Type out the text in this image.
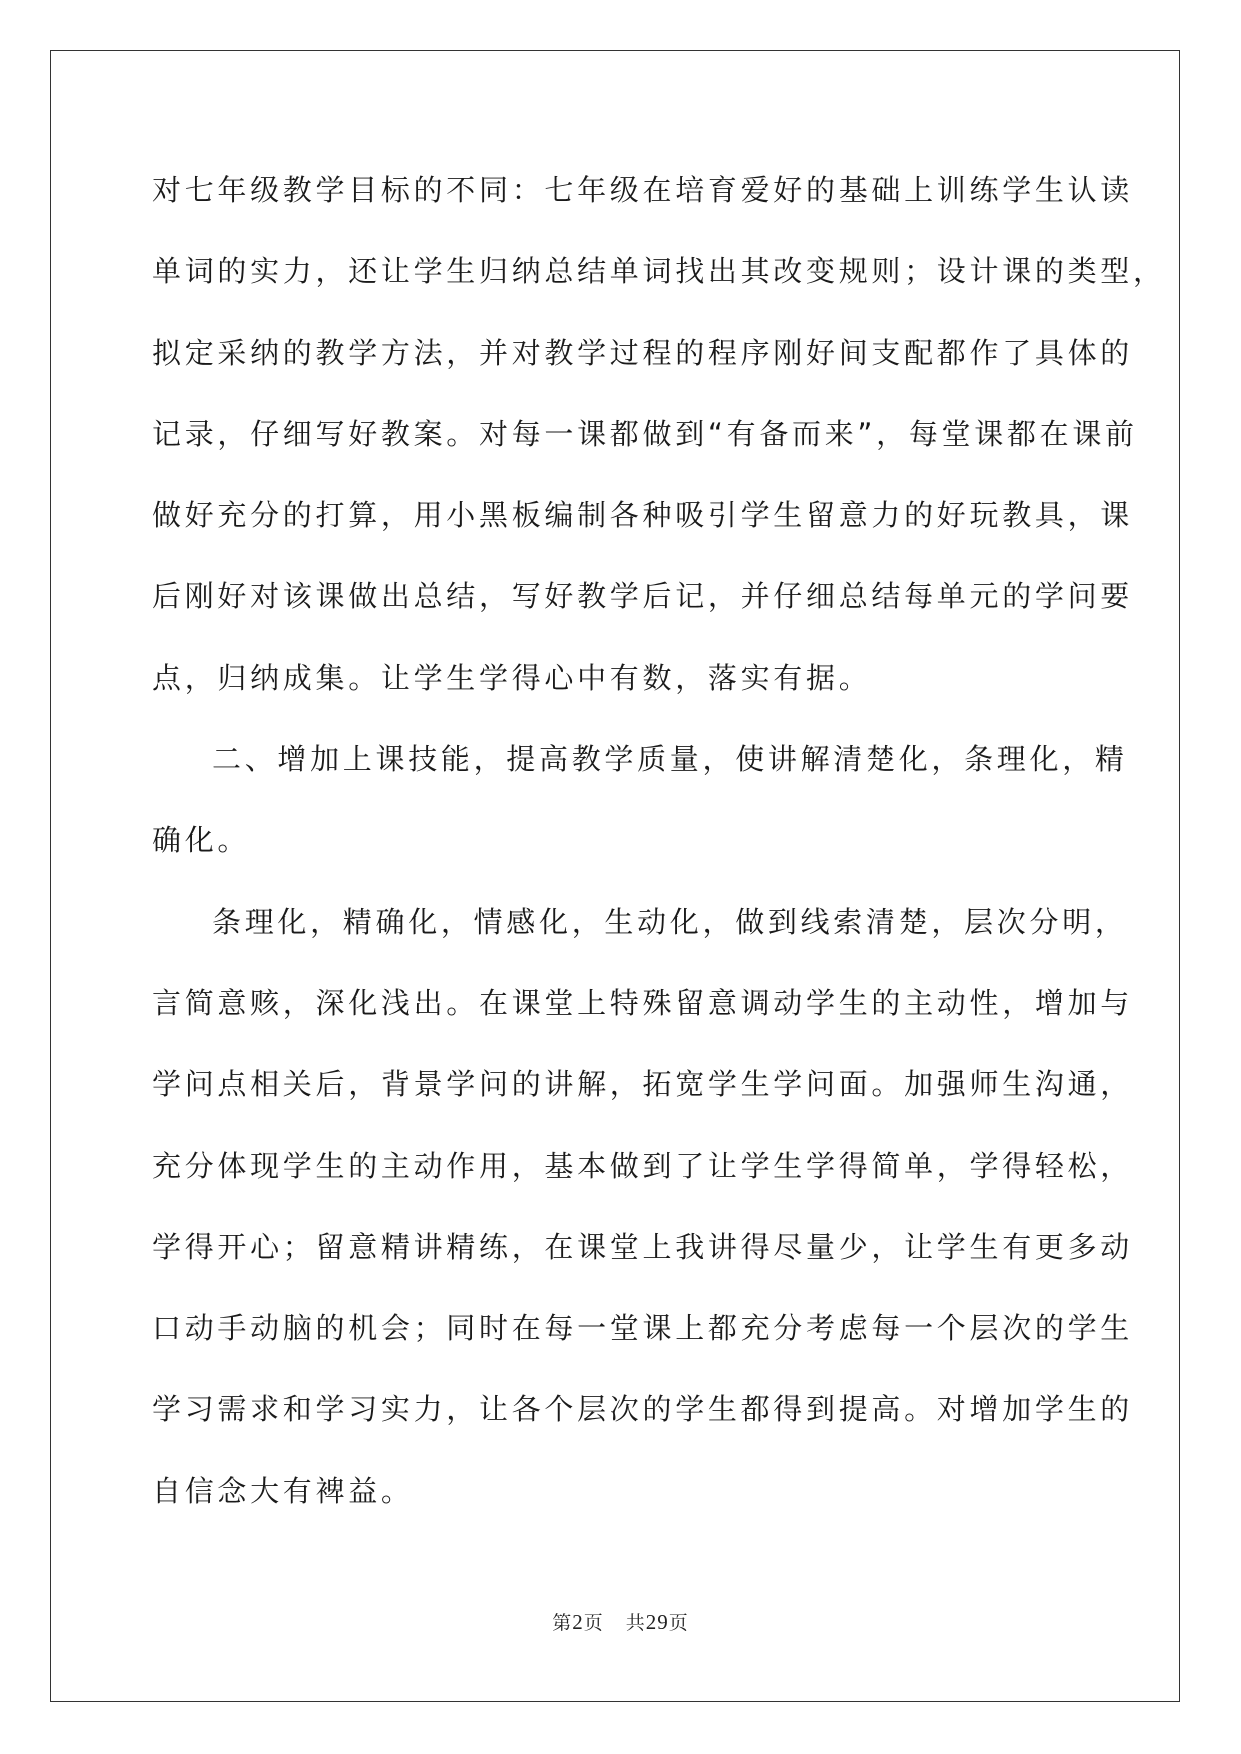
对七年级教学目标的不同：七年级在培育爱好的基础上训练学生认读
单词的实力，还让学生归纳总结单词找出其改变规则；设计课的类型，
拟定采纳的教学方法，并对教学过程的程序刚好间支配都作了具体的
记录，仔细写好教案。对每一课都做到“有备而来”，每堂课都在课前
做好充分的打算，用小黑板编制各种吸引学生留意力的好玩教具，课
后刚好对该课做出总结，写好教学后记，并仔细总结每单元的学问要
点，归纳成集。让学生学得心中有数，落实有据。
二、增加上课技能，提高教学质量，使讲解清楚化，条理化，精
确化。
条理化，精确化，情感化，生动化，做到线索清楚，层次分明，
言简意赅，深化浅出。在课堂上特殊留意调动学生的主动性，增加与
学问点相关后，背景学问的讲解，拓宽学生学问面。加强师生沟通，
充分体现学生的主动作用，基本做到了让学生学得简单，学得轻松，
学得开心；留意精讲精练，在课堂上我讲得尽量少，让学生有更多动
口动手动脑的机会；同时在每一堂课上都充分考虑每一个层次的学生
学习需求和学习实力，让各个层次的学生都得到提高。对增加学生的
自信念大有裨益。
第2页 共29页
